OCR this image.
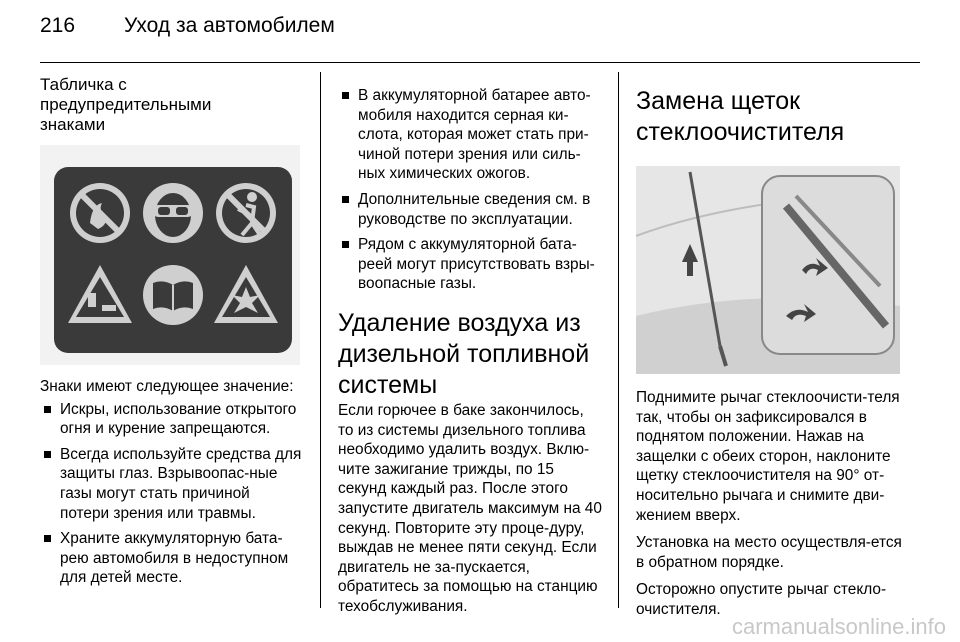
216 Уход за автомобилем
Табличка с
предупредительными
знаками

Знаки имеют следующее значение:

Искры, использование открытого огня и курение запрещаются.
Всегда используйте средства для защиты глаз. Взрывоопас-ные газы могут стать причиной потери зрения или травмы.
Храните аккумуляторную бата-рею автомобиля в недоступном для детей месте.
В аккумуляторной батарее авто-мобиля находится серная ки-слота, которая может стать при-чиной потери зрения или силь-ных химических ожогов.
Дополнительные сведения см. в руководстве по эксплуатации.
Рядом с аккумуляторной бата-реей могут присутствовать взры-воопасные газы.
Удаление воздуха из
дизельной топливной
системы

Если горючее в баке закончилось, то из системы дизельного топлива необходимо удалить воздух. Вклю-чите зажигание трижды, по 15 секунд каждый раз. После этого запустите двигатель максимум на 40 секунд. Повторите эту проце-дуру, выждав не менее пяти секунд. Если двигатель не за-пускается, обратитесь за помощью на станцию техобслуживания.

Замена щеток
стеклоочистителя

Поднимите рычаг стеклоочисти-теля так, чтобы он зафиксировался в поднятом положении. Нажав на защелки с обеих сторон, наклоните щетку стеклоочистителя на 90° от-носительно рычага и снимите дви-жением вверх.

Установка на место осуществля-ется в обратном порядке.

Осторожно опустите рычаг стекло-очистителя.

carmanualsonline.info
